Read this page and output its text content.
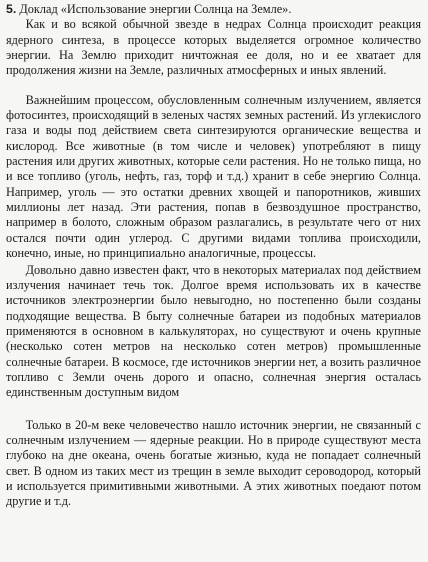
5. Доклад «Использование энергии Солнца на Земле».

Как и во всякой обычной звезде в недрах Солнца происходит реакция ядерного синтеза, в процессе которых выделяется огромное количество энергии. На Землю приходит ничтожная ее доля, но и ее хватает для продолжения жизни на Земле, различных атмосферных и иных явлений.

Важнейшим процессом, обусловленным солнечным излучением, является фотосинтез, происходящий в зеленых частях земных растений. Из углекислого газа и воды под действием света синтезируются органические вещества и кислород. Все животные (в том числе и человек) употребляют в пищу растения или других животных, которые сели растения. Но не только пища, но и все топливо (уголь, нефть, газ, торф и т.д.) хранит в себе энергию Солнца. Например, уголь — это остатки древних хвощей и папоротников, живших миллионы лет назад. Эти растения, попав в безвоздушное пространство, например в болото, сложным образом разлагались, в результате чего от них остался почти один углерод. С другими видами топлива происходили, конечно, иные, но принципиально аналогичные, процессы.

Довольно давно известен факт, что в некоторых материалах под действием излучения начинает течь ток. Долгое время использовать их в качестве источников электроэнергии было невыгодно, но постепенно были созданы подходящие вещества. В быту солнечные батареи из подобных материалов применяются в основном в калькуляторах, но существуют и очень крупные (несколько сотен метров на несколько сотен метров) промышленные солнечные батареи. В космосе, где источников энергии нет, а возить различное топливо с Земли очень дорого и опасно, солнечная энергия осталась единственным доступным видом

Только в 20-м веке человечество нашло источник энергии, не связанный с солнечным излучением — ядерные реакции. Но в природе существуют места глубоко на дне океана, очень богатые жизнью, куда не попадает солнечный свет. В одном из таких мест из трещин в земле выходит сероводород, который и используется примитивными животными. А этих животных поедают потом другие и т.д.
